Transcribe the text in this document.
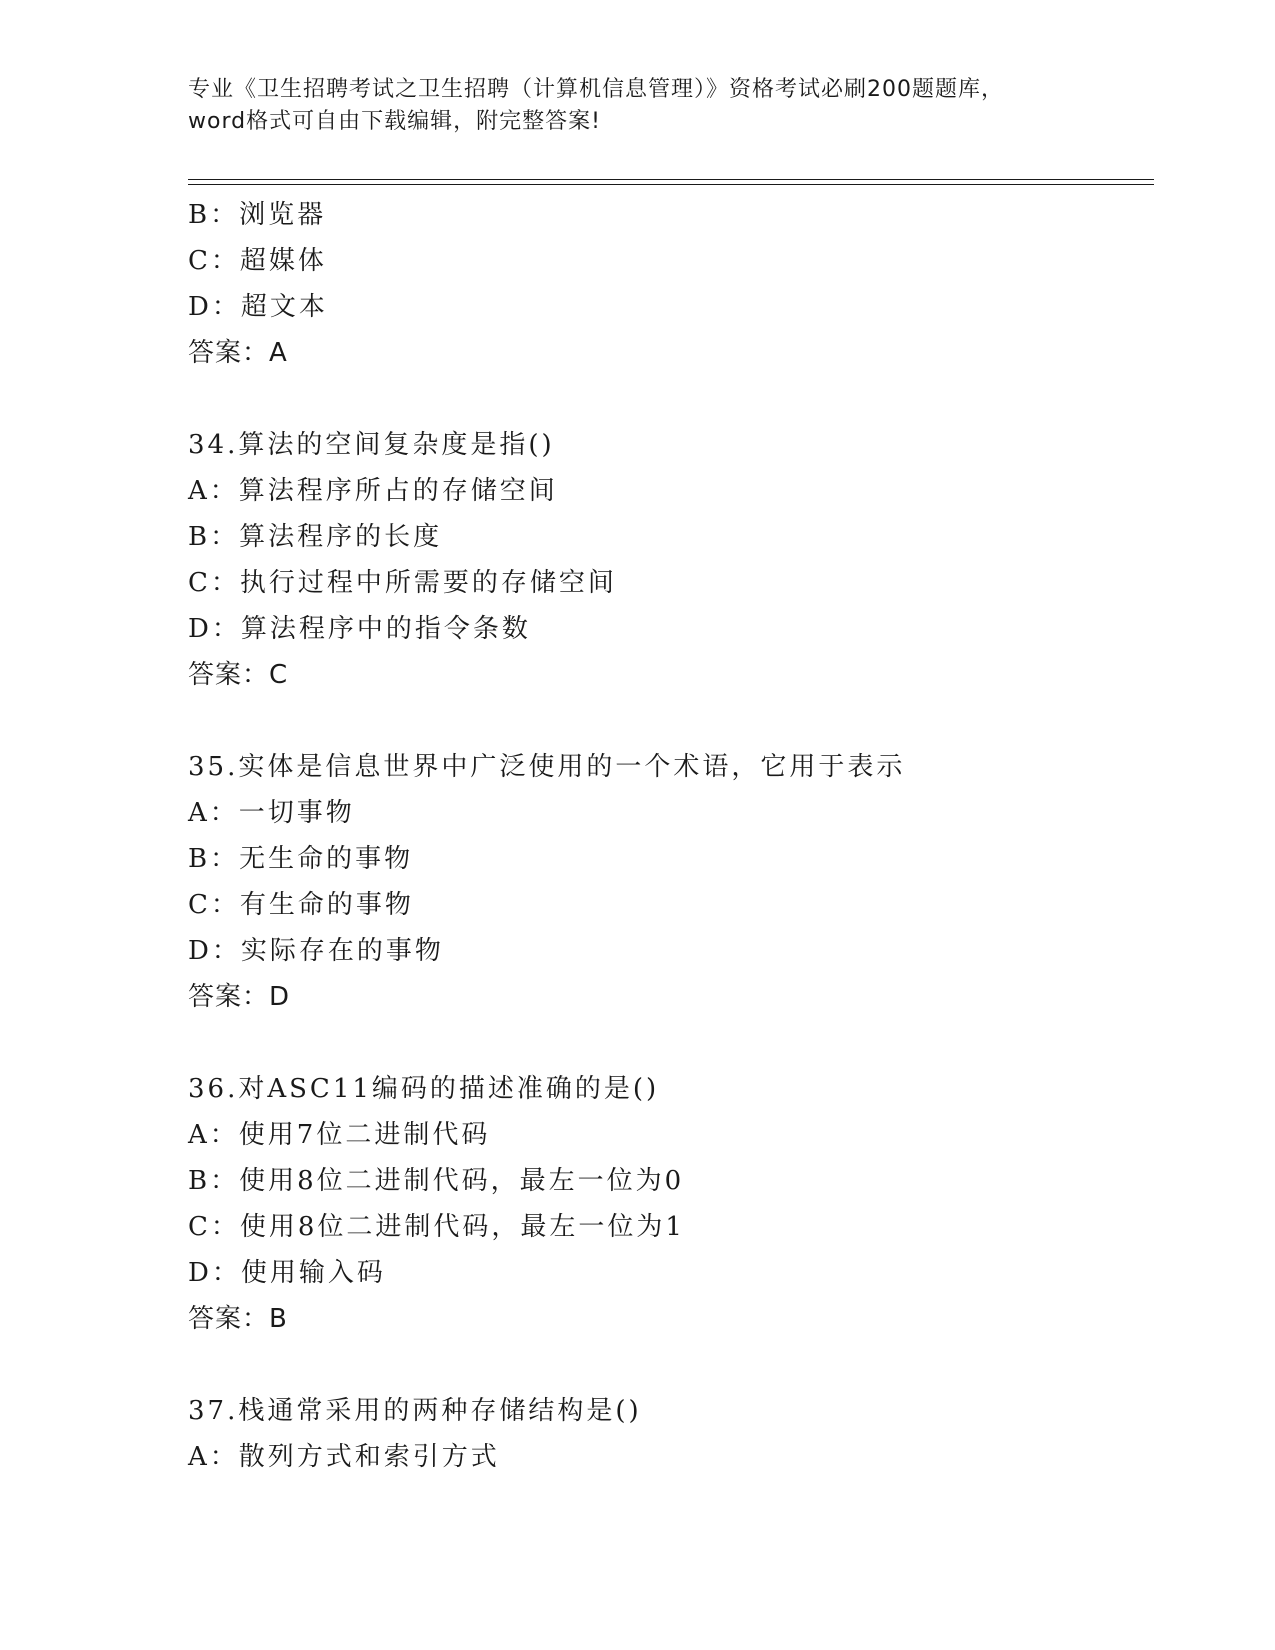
专业《卫生招聘考试之卫生招聘（计算机信息管理）》资格考试必刷200题题库，
word格式可自由下载编辑，附完整答案!
B：浏览器
C：超媒体
D：超文本
答案：A
34.算法的空间复杂度是指()
A：算法程序所占的存储空间
B：算法程序的长度
C：执行过程中所需要的存储空间
D：算法程序中的指令条数
答案：C
35.实体是信息世界中广泛使用的一个术语，它用于表示
A：一切事物
B：无生命的事物
C：有生命的事物
D：实际存在的事物
答案：D
36.对ASC11编码的描述准确的是()
A：使用7位二进制代码
B：使用8位二进制代码，最左一位为0
C：使用8位二进制代码，最左一位为1
D：使用输入码
答案：B
37.栈通常采用的两种存储结构是()
A：散列方式和索引方式
